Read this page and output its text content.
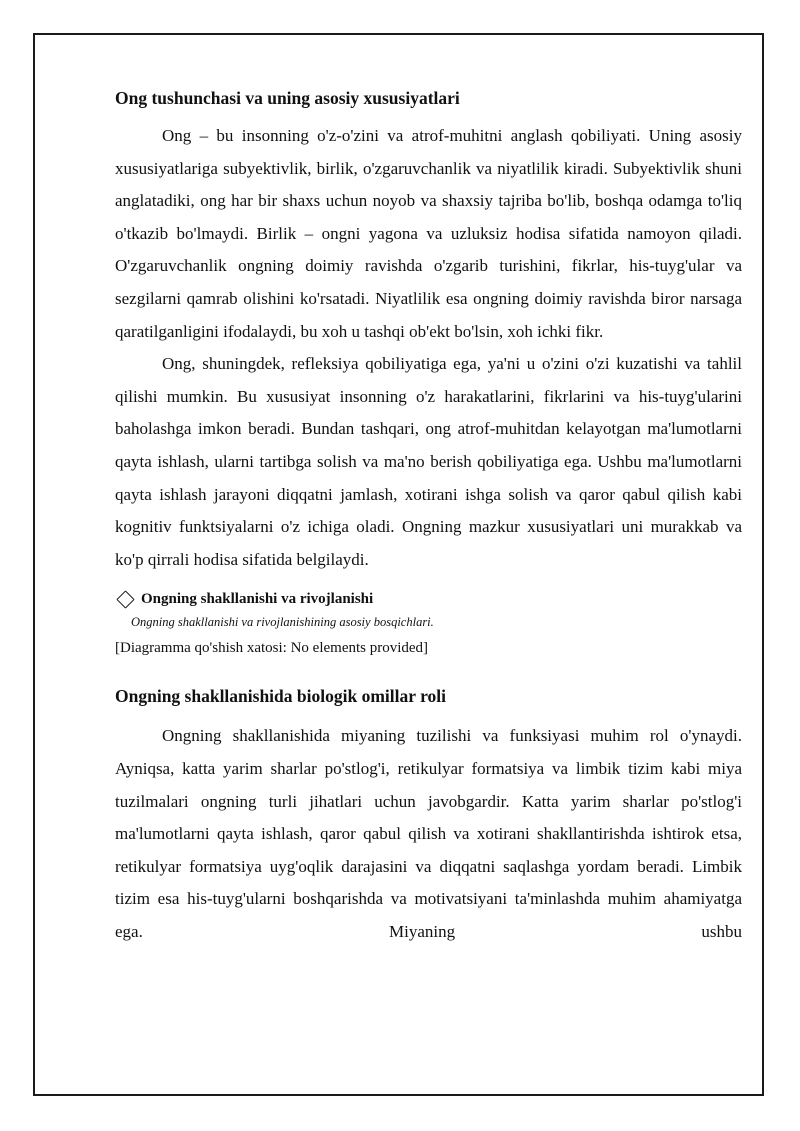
Ong tushunchasi va uning asosiy xususiyatlari

Ong – bu insonning o'z-o'zini va atrof-muhitni anglash qobiliyati. Uning asosiy xususiyatlariga subyektivlik, birlik, o'zgaruvchanlik va niyatlilik kiradi. Subyektivlik shuni anglatadiki, ong har bir shaxs uchun noyob va shaxsiy tajriba bo'lib, boshqa odamga to'liq o'tkazib bo'lmaydi. Birlik – ongni yagona va uzluksiz hodisa sifatida namoyon qiladi. O'zgaruvchanlik ongning doimiy ravishda o'zgarib turishini, fikrlar, his-tuyg'ular va sezgilarni qamrab olishini ko'rsatadi. Niyatlilik esa ongning doimiy ravishda biror narsaga qaratilganligini ifodalaydi, bu xoh u tashqi ob'ekt bo'lsin, xoh ichki fikr.

Ong, shuningdek, refleksiya qobiliyatiga ega, ya'ni u o'zini o'zi kuzatishi va tahlil qilishi mumkin. Bu xususiyat insonning o'z harakatlarini, fikrlarini va his-tuyg'ularini baholashga imkon beradi. Bundan tashqari, ong atrof-muhitdan kelayotgan ma'lumotlarni qayta ishlash, ularni tartibga solish va ma'no berish qobiliyatiga ega. Ushbu ma'lumotlarni qayta ishlash jarayoni diqqatni jamlash, xotirani ishga solish va qaror qabul qilish kabi kognitiv funktsiyalarni o'z ichiga oladi. Ongning mazkur xususiyatlari uni murakkab va ko'p qirrali hodisa sifatida belgilaydi.

Ongning shakllanishi va rivojlanishi
Ongning shakllanishi va rivojlanishining asosiy bosqichlari.
[Diagramma qo'shish xatosi: No elements provided]
Ongning shakllanishida biologik omillar roli

Ongning shakllanishida miyaning tuzilishi va funksiyasi muhim rol o'ynaydi. Ayniqsa, katta yarim sharlar po'stlog'i, retikulyar formatsiya va limbik tizim kabi miya tuzilmalari ongning turli jihatlari uchun javobgardir. Katta yarim sharlar po'stlog'i ma'lumotlarni qayta ishlash, qaror qabul qilish va xotirani shakllantirishda ishtirok etsa, retikulyar formatsiya uyg'oqlik darajasini va diqqatni saqlashga yordam beradi. Limbik tizim esa his-tuyg'ularni boshqarishda va motivatsiyani ta'minlashda muhim ahamiyatga ega. Miyaning ushbu
